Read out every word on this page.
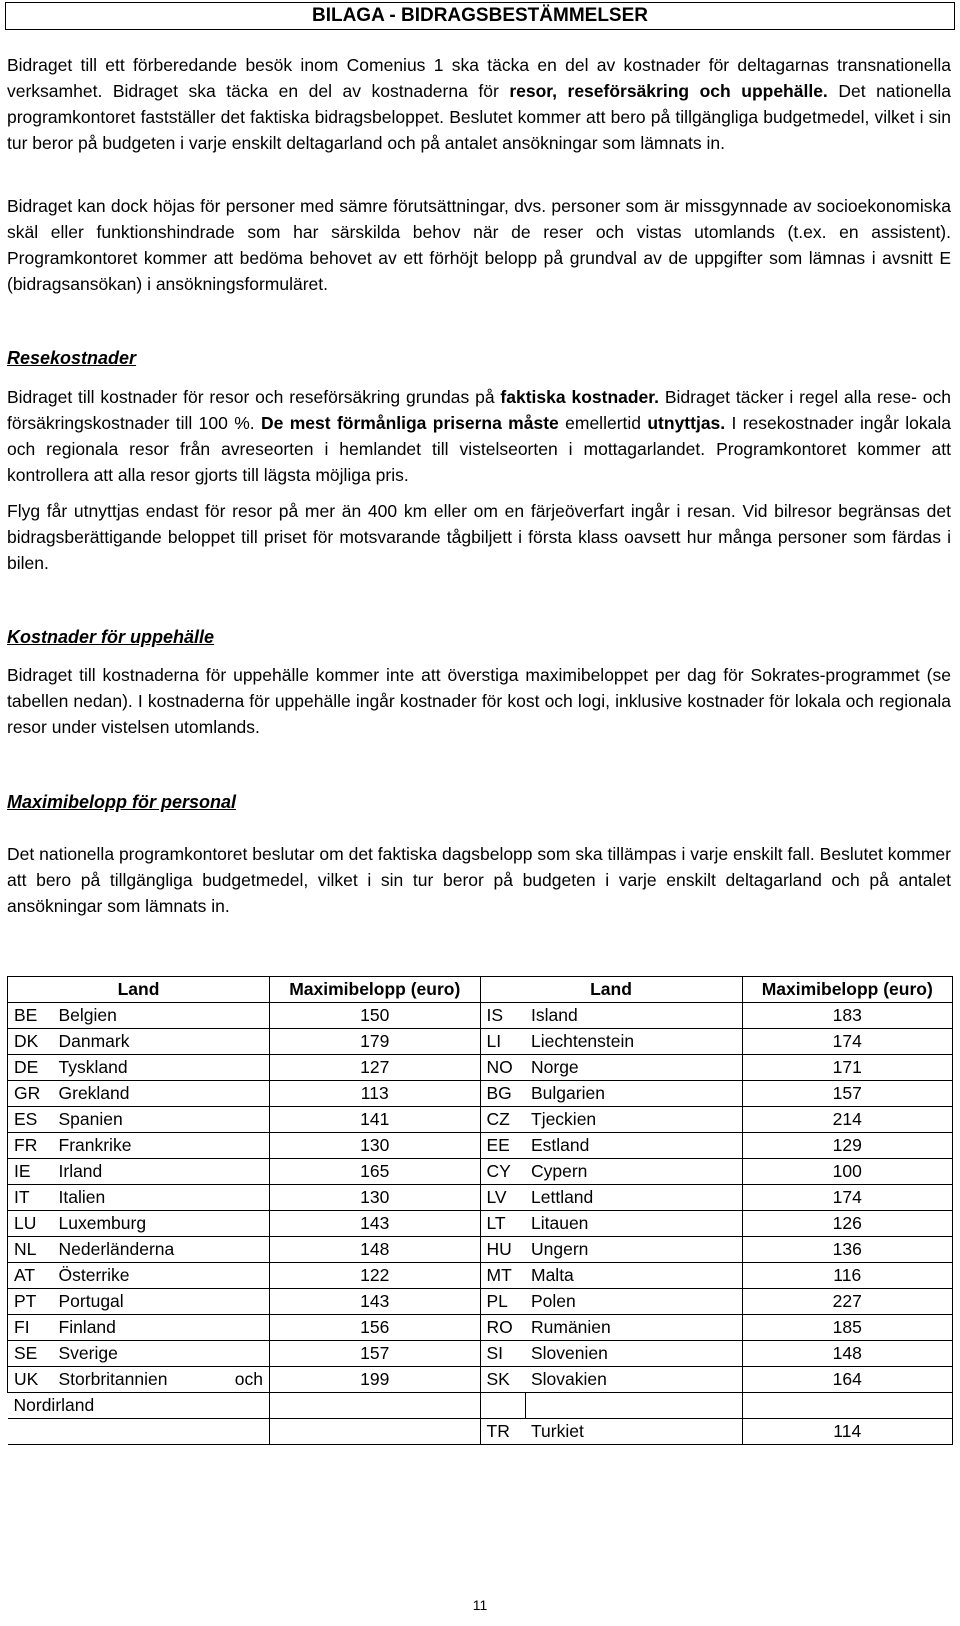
BILAGA - BIDRAGSBESTÄMMELSER
Bidraget till ett förberedande besök inom Comenius 1 ska täcka en del av kostnader för deltagarnas transnationella verksamhet. Bidraget ska täcka en del av kostnaderna för resor, reseförsäkring och uppehälle. Det nationella programkontoret fastställer det faktiska bidragsbeloppet. Beslutet kommer att bero på tillgängliga budgetmedel, vilket i sin tur beror på budgeten i varje enskilt deltagarland och på antalet ansökningar som lämnats in.
Bidraget kan dock höjas för personer med sämre förutsättningar, dvs. personer som är missgynnade av socioekonomiska skäl eller funktionshindrade som har särskilda behov när de reser och vistas utomlands (t.ex. en assistent). Programkontoret kommer att bedöma behovet av ett förhöjt belopp på grundval av de uppgifter som lämnas i avsnitt E (bidragsansökan) i ansökningsformuläret.
Resekostnader
Bidraget till kostnader för resor och reseförsäkring grundas på faktiska kostnader. Bidraget täcker i regel alla rese- och försäkringskostnader till 100 %. De mest förmånliga priserna måste emellertid utnyttjas. I resekostnader ingår lokala och regionala resor från avreseorten i hemlandet till vistelseorten i mottagarlandet. Programkontoret kommer att kontrollera att alla resor gjorts till lägsta möjliga pris.
Flyg får utnyttjas endast för resor på mer än 400 km eller om en färjeöverfart ingår i resan. Vid bilresor begränsas det bidragsberättigande beloppet till priset för motsvarande tågbiljett i första klass oavsett hur många personer som färdas i bilen.
Kostnader för uppehälle
Bidraget till kostnaderna för uppehälle kommer inte att överstiga maximibeloppet per dag för Sokrates-programmet (se tabellen nedan). I kostnaderna för uppehälle ingår kostnader för kost och logi, inklusive kostnader för lokala och regionala resor under vistelsen utomlands.
Maximibelopp för personal
Det nationella programkontoret beslutar om det faktiska dagsbelopp som ska tillämpas i varje enskilt fall. Beslutet kommer att bero på tillgängliga budgetmedel, vilket i sin tur beror på budgeten i varje enskilt deltagarland och på antalet ansökningar som lämnats in.
Land		Maximibelopp (euro)	Land		Maximibelopp (euro)
BE	Belgien	150	IS	Island	183
DK	Danmark	179	LI	Liechtenstein	174
DE	Tyskland	127	NO	Norge	171
GR	Grekland	113	BG	Bulgarien	157
ES	Spanien	141	CZ	Tjeckien	214
FR	Frankrike	130	EE	Estland	129
IE	Irland	165	CY	Cypern	100
IT	Italien	130	LV	Lettland	174
LU	Luxemburg	143	LT	Litauen	126
NL	Nederländerna	148	HU	Ungern	136
AT	Österrike	122	MT	Malta	116
PT	Portugal	143	PL	Polen	227
FI	Finland	156	RO	Rumänien	185
SE	Sverige	157	SI	Slovenien	148
UK	Storbritannien och	199	SK	Slovakien	164
Nordirland					
			TR	Turkiet	114
11
